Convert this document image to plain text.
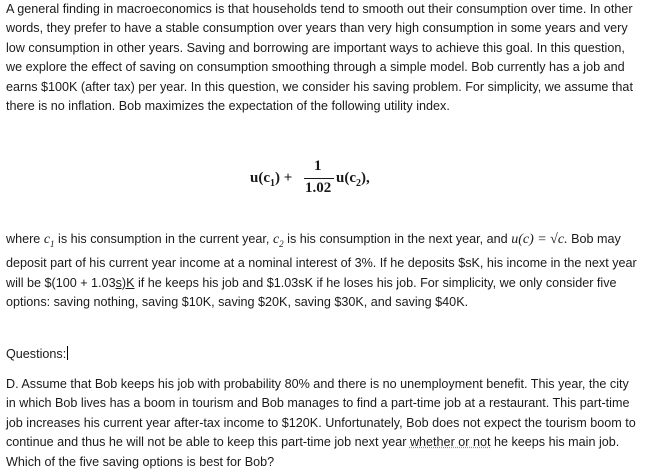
A general finding in macroeconomics is that households tend to smooth out their consumption over time. In other words, they prefer to have a stable consumption over years than very high consumption in some years and very low consumption in other years. Saving and borrowing are important ways to achieve this goal. In this question, we explore the effect of saving on consumption smoothing through a simple model. Bob currently has a job and earns $100K (after tax) per year. In this question, we consider his saving problem. For simplicity, we assume that there is no inflation. Bob maximizes the expectation of the following utility index.

$u(c_1)$ +
1
1.02
$u(c_2)$,

where $c_1$ is his consumption in the current year, $c_2$ is his consumption in the next year, and u(c) = √c. Bob may deposit part of his current year income at a nominal interest of 3%. If he deposits $sK, his income in the next year will be $(100 + 1.03s)K if he keeps his job and $1.03sK if he loses his job. For simplicity, we only consider five options: saving nothing, saving $10K, saving $20K, saving $30K, and saving $40K.

Questions:

D. Assume that Bob keeps his job with probability 80% and there is no unemployment benefit. This year, the city in which Bob lives has a boom in tourism and Bob manages to find a part-time job at a restaurant. This part-time job increases his current year after-tax income to $120K. Unfortunately, Bob does not expect the tourism boom to continue and thus he will not be able to keep this part-time job next year whether or not he keeps his main job. Which of the five saving options is best for Bob?
